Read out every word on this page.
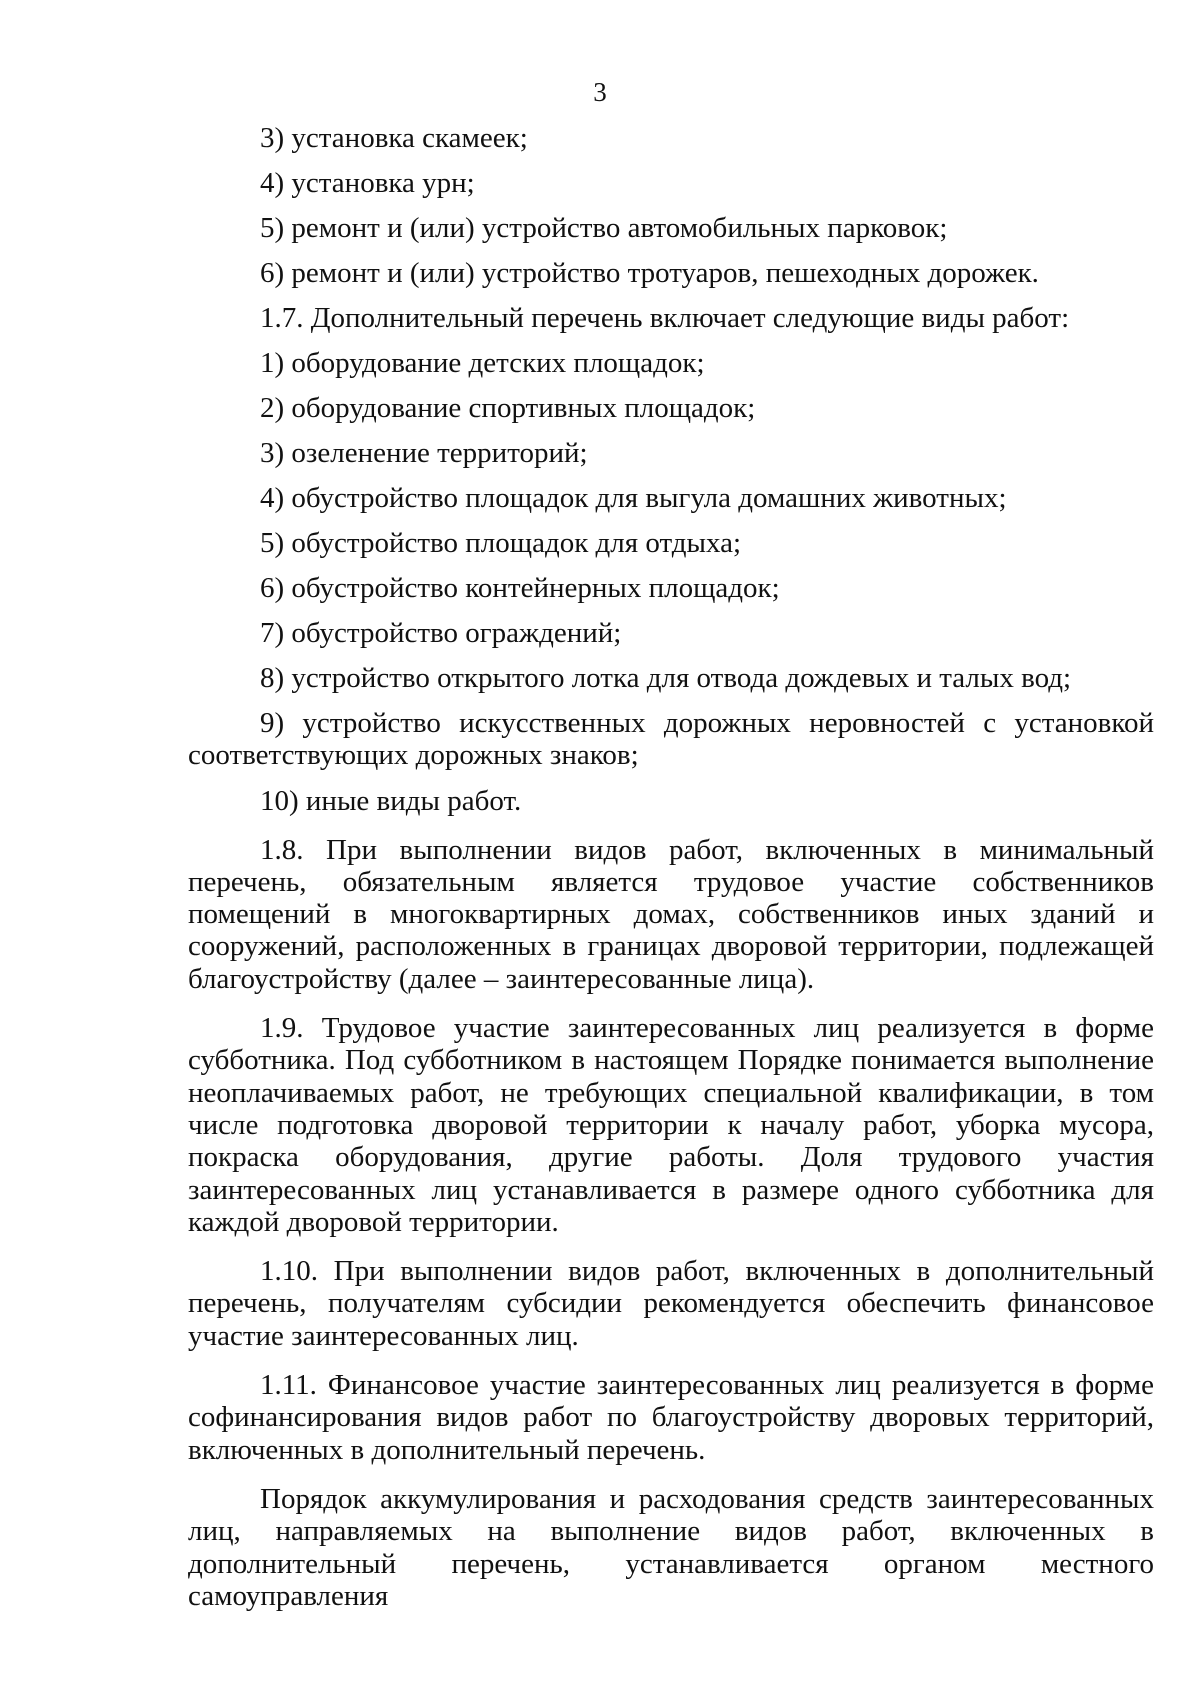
3

3) установка скамеек;

4) установка урн;

5) ремонт и (или) устройство автомобильных парковок;

6) ремонт и (или) устройство тротуаров, пешеходных дорожек.

1.7. Дополнительный перечень включает следующие виды работ:

1) оборудование детских площадок;

2) оборудование спортивных площадок;

3) озеленение территорий;

4) обустройство площадок для выгула домашних животных;

5) обустройство площадок для отдыха;

6) обустройство контейнерных площадок;

7) обустройство ограждений;

8) устройство открытого лотка для отвода дождевых и талых вод;

9) устройство искусственных дорожных неровностей с установкой соответствующих дорожных знаков;

10) иные виды работ.

1.8. При выполнении видов работ, включенных в минимальный перечень, обязательным является трудовое участие собственников помещений в многоквартирных домах, собственников иных зданий и сооружений, расположенных в границах дворовой территории, подлежащей благоустройству (далее – заинтересованные лица).

1.9. Трудовое участие заинтересованных лиц реализуется в форме субботника. Под субботником в настоящем Порядке понимается выполнение неоплачиваемых работ, не требующих специальной квалификации, в том числе подготовка дворовой территории к началу работ, уборка мусора, покраска оборудования, другие работы. Доля трудового участия заинтересованных лиц устанавливается в размере одного субботника для каждой дворовой территории.

1.10. При выполнении видов работ, включенных в дополнительный перечень, получателям субсидии рекомендуется обеспечить финансовое участие заинтересованных лиц.

1.11. Финансовое участие заинтересованных лиц реализуется в форме софинансирования видов работ по благоустройству дворовых территорий, включенных в дополнительный перечень.

Порядок аккумулирования и расходования средств заинтересованных лиц, направляемых на выполнение видов работ, включенных в дополнительный перечень, устанавливается органом местного самоуправления
